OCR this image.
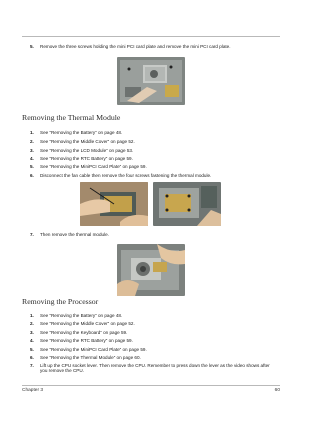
5. Remove the three screws holding the mini PCI card plate and remove the mini PCI card plate.
Removing the Thermal Module
1. See “Removing the Battery” on page 48.
2. See “Removing the Middle Cover” on page 52.
3. See “Removing the LCD Module” on page 53.
4. See “Removing the RTC Battery” on page 59.
5. See “Removing the MiniPCI Card Plate” on page 59.
6. Disconnect the fan cable then remove the four screws fastening the thermal module.
7. Then remove the thermal module.
Removing the Processor
1. See “Removing the Battery” on page 48.
2. See “Removing the Middle Cover” on page 52.
3. See “Removing the Keyboard” on page 59.
4. See “Removing the RTC Battery” on page 59.
5. See “Removing the MiniPCI Card Plate” on page 59.
6. See “Removing the Thermal Module” on page 60.
7. Lift up the CPU socket lever. Then remove the CPU. Remember to press down the lever as the video shows after you remove the CPU.
Chapter 3	60
